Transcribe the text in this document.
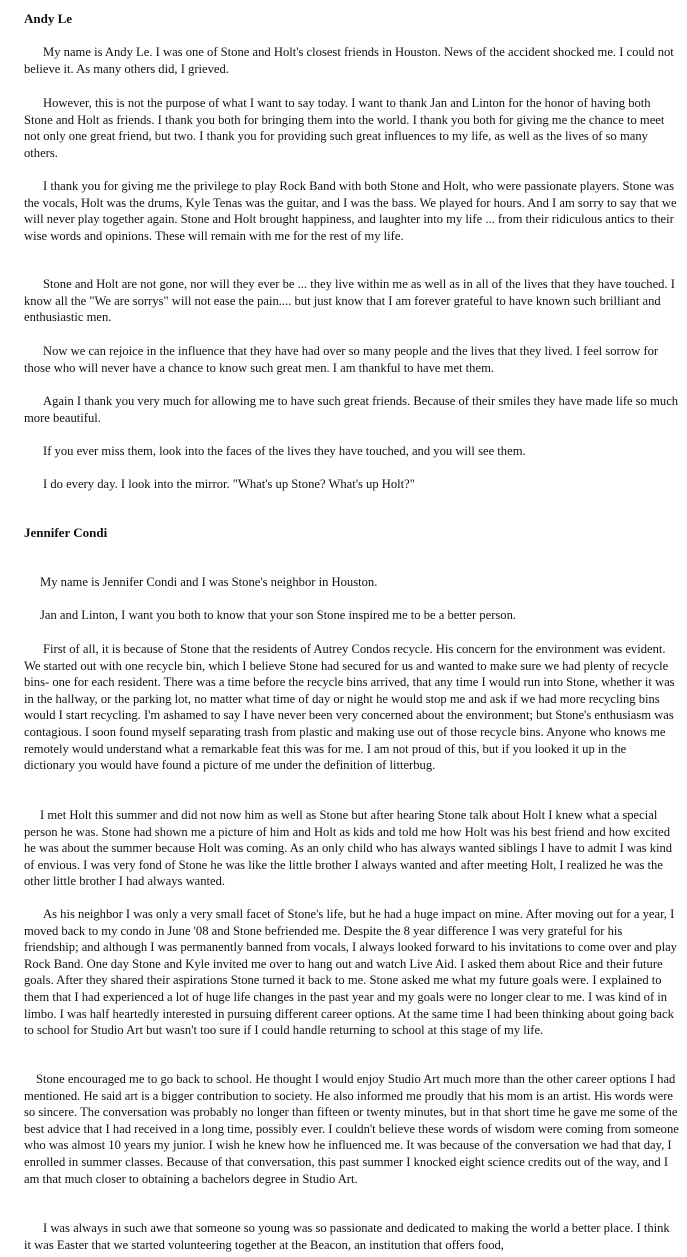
Andy Le

My name is Andy Le. I was one of Stone and Holt's closest friends in Houston. News of the accident shocked me. I could not believe it. As many others did, I grieved.

However, this is not the purpose of what I want to say today. I want to thank Jan and Linton for the honor of having both Stone and Holt as friends. I thank you both for bringing them into the world. I thank you both for giving me the chance to meet not only one great friend, but two. I thank you for providing such great influences to my life, as well as the lives of so many others.

I thank you for giving me the privilege to play Rock Band with both Stone and Holt, who were passionate players. Stone was the vocals, Holt was the drums, Kyle Tenas was the guitar, and I was the bass. We played for hours. And I am sorry to say that we will never play together again. Stone and Holt brought happiness, and laughter into my life ... from their ridiculous antics to their wise words and opinions. These will remain with me for the rest of my life.

Stone and Holt are not gone, nor will they ever be ... they live within me as well as in all of the lives that they have touched. I know all the "We are sorrys" will not ease the pain.... but just know that I am forever grateful to have known such brilliant and enthusiastic men.

Now we can rejoice in the influence that they have had over so many people and the lives that they lived. I feel sorrow for those who will never have a chance to know such great men. I am thankful to have met them.

Again I thank you very much for allowing me to have such great friends. Because of their smiles they have made life so much more beautiful.

If you ever miss them, look into the faces of the lives they have touched, and you will see them.

I do every day. I look into the mirror. "What's up Stone? What's up Holt?"

Jennifer Condi

My name is Jennifer Condi and I was Stone's neighbor in Houston.

Jan and Linton, I want you both to know that your son Stone inspired me to be a better person.

First of all, it is because of Stone that the residents of Autrey Condos recycle. His concern for the environment was evident. We started out with one recycle bin, which I believe Stone had secured for us and wanted to make sure we had plenty of recycle bins- one for each resident. There was a time before the recycle bins arrived, that any time I would run into Stone, whether it was in the hallway, or the parking lot, no matter what time of day or night he would stop me and ask if we had more recycling bins would I start recycling. I'm ashamed to say I have never been very concerned about the environment; but Stone's enthusiasm was contagious. I soon found myself separating trash from plastic and making use out of those recycle bins. Anyone who knows me remotely would understand what a remarkable feat this was for me. I am not proud of this, but if you looked it up in the dictionary you would have found a picture of me under the definition of litterbug.

I met Holt this summer and did not now him as well as Stone but after hearing Stone talk about Holt I knew what a special person he was. Stone had shown me a picture of him and Holt as kids and told me how Holt was his best friend and how excited he was about the summer because Holt was coming. As an only child who has always wanted siblings I have to admit I was kind of envious. I was very fond of Stone he was like the little brother I always wanted and after meeting Holt, I realized he was the other little brother I had always wanted.

As his neighbor I was only a very small facet of Stone's life, but he had a huge impact on mine. After moving out for a year, I moved back to my condo in June '08 and Stone befriended me. Despite the 8 year difference I was very grateful for his friendship; and although I was permanently banned from vocals, I always looked forward to his invitations to come over and play Rock Band. One day Stone and Kyle invited me over to hang out and watch Live Aid. I asked them about Rice and their future goals. After they shared their aspirations Stone turned it back to me. Stone asked me what my future goals were. I explained to them that I had experienced a lot of huge life changes in the past year and my goals were no longer clear to me. I was kind of in limbo. I was half heartedly interested in pursuing different career options. At the same time I had been thinking about going back to school for Studio Art but wasn't too sure if I could handle returning to school at this stage of my life.

Stone encouraged me to go back to school. He thought I would enjoy Studio Art much more than the other career options I had mentioned. He said art is a bigger contribution to society. He also informed me proudly that his mom is an artist. His words were so sincere. The conversation was probably no longer than fifteen or twenty minutes, but in that short time he gave me some of the best advice that I had received in a long time, possibly ever. I couldn't believe these words of wisdom were coming from someone who was almost 10 years my junior. I wish he knew how he influenced me. It was because of the conversation we had that day, I enrolled in summer classes. Because of that conversation, this past summer I knocked eight science credits out of the way, and I am that much closer to obtaining a bachelors degree in Studio Art.

I was always in such awe that someone so young was so passionate and dedicated to making the world a better place. I think it was Easter that we started volunteering together at the Beacon, an institution that offers food,
